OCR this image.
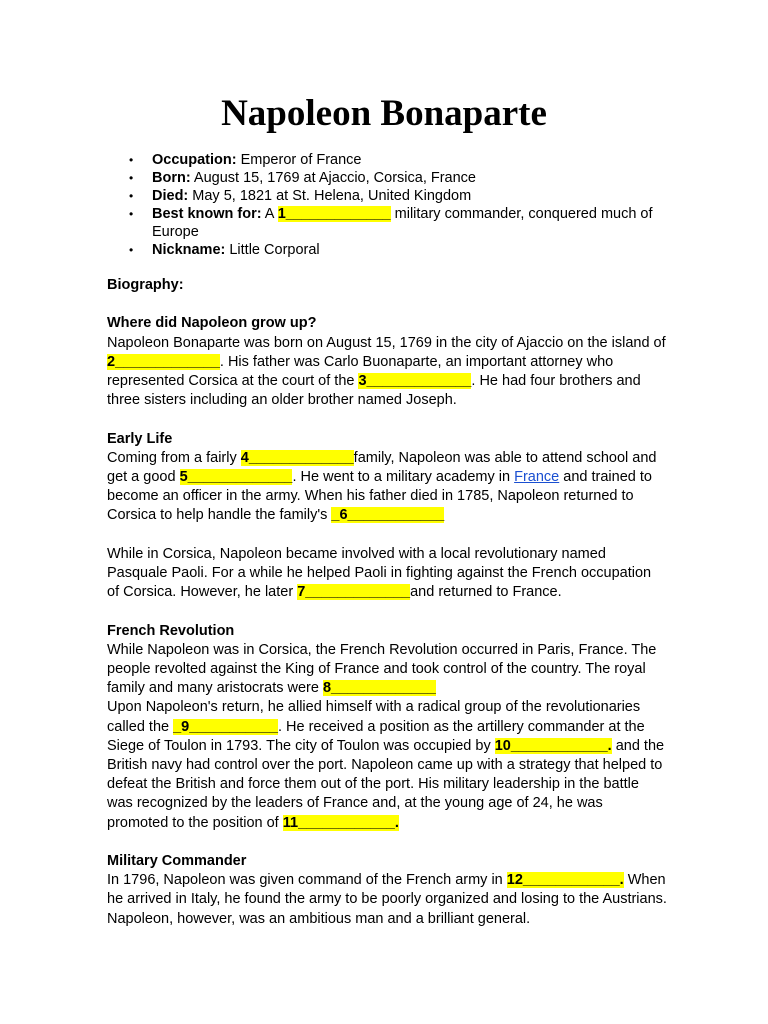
Napoleon Bonaparte
• Occupation: Emperor of France
• Born: August 15, 1769 at Ajaccio, Corsica, France
• Died: May 5, 1821 at St. Helena, United Kingdom
• Best known for: A 1_____________ military commander, conquered much of Europe
• Nickname: Little Corporal

Biography:

Where did Napoleon grow up?

Napoleon Bonaparte was born on August 15, 1769 in the city of Ajaccio on the island of 2_____________. His father was Carlo Buonaparte, an important attorney who represented Corsica at the court of the 3_____________. He had four brothers and three sisters including an older brother named Joseph.

Early Life

Coming from a fairly 4_____________family, Napoleon was able to attend school and get a good 5_____________. He went to a military academy in France and trained to become an officer in the army. When his father died in 1785, Napoleon returned to Corsica to help handle the family's _6____________

While in Corsica, Napoleon became involved with a local revolutionary named Pasquale Paoli. For a while he helped Paoli in fighting against the French occupation of Corsica. However, he later 7_____________and returned to France.

French Revolution

While Napoleon was in Corsica, the French Revolution occurred in Paris, France. The people revolted against the King of France and took control of the country. The royal family and many aristocrats were 8_____________
Upon Napoleon's return, he allied himself with a radical group of the revolutionaries called the _9___________. He received a position as the artillery commander at the Siege of Toulon in 1793. The city of Toulon was occupied by 10____________. and the British navy had control over the port. Napoleon came up with a strategy that helped to defeat the British and force them out of the port. His military leadership in the battle was recognized by the leaders of France and, at the young age of 24, he was promoted to the position of 11____________.

Military Commander

In 1796, Napoleon was given command of the French army in 12____________. When he arrived in Italy, he found the army to be poorly organized and losing to the Austrians. Napoleon, however, was an ambitious man and a brilliant general.
